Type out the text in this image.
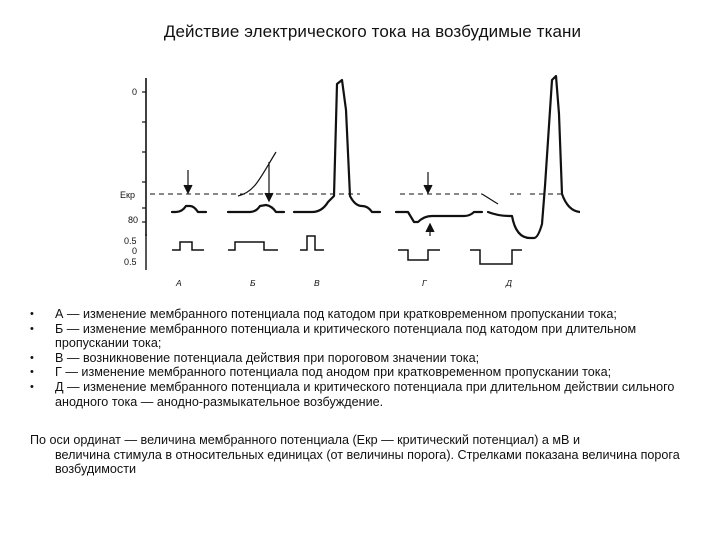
Действие электрического тока на возбудимые ткани
0
Екр
80
0.5
0
0.5
А	Б	В	Г	Д
• А — изменение мембранного потенциала под катодом при кратковременном пропускании тока;
• Б — изменение мембранного потенциала и критического потенциала под катодом при длительном пропускании тока;
• В — возникновение потенциала действия при пороговом значении тока;
• Г — изменение мембранного потенциала под анодом при кратковременном пропускании тока;
• Д — изменение мембранного потенциала и критического потенциала при длительном действии сильного анодного тока — анодно-размыкательное возбуждение.
По оси ординат — величина мембранного потенциала (Екр — критический потенциал) а мВ и
величина стимула в относительных единицах (от величины порога). Стрелками показана величина порога возбудимости
